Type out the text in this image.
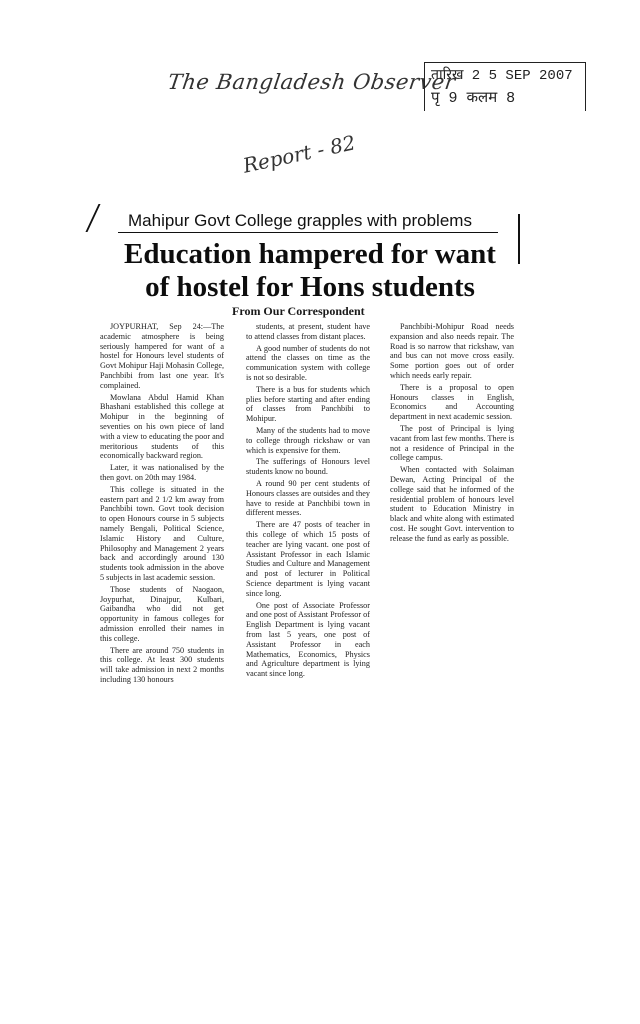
The Bangladesh Observer
तारिख 2 5 SEP 2007
पृ 9 कलम 8
Report - 82
Mahipur Govt College grapples with problems
Education hampered for want
of hostel for Hons students
From Our Correspondent

JOYPURHAT, Sep 24:—The academic atmosphere is being seriously hampered for want of a hostel for Honours level students of Govt Mohipur Haji Mohasin College, Panchbibi from last one year. It's complained.

Mowlana Abdul Hamid Khan Bhashani established this college at Mohipur in the beginning of seventies on his own piece of land with a view to educating the poor and meritorious students of this economically backward region.

Later, it was nationalised by the then govt. on 20th may 1984.

This college is situated in the eastern part and 2 1/2 km away from Panchbibi town. Govt took decision to open Honours course in 5 subjects namely Bengali, Political Science, Islamic History and Culture, Philosophy and Management 2 years back and accordingly around 130 students took admission in the above 5 subjects in last academic session.

Those students of Naogaon, Joypurhat, Dinajpur, Kulbari, Gaibandha who did not get opportunity in famous colleges for admission enrolled their names in this college.

There are around 750 students in this college. At least 300 students will take admission in next 2 months including 130 honours

students, at present, student have to attend classes from distant places.

A good number of students do not attend the classes on time as the communication system with college is not so desirable.

There is a bus for students which plies before starting and after ending of classes from Panchbibi to Mohipur.

Many of the students had to move to college through rickshaw or van which is expensive for them.

The sufferings of Honours level students know no bound.

A round 90 per cent students of Honours classes are outsides and they have to reside at Panchbibi town in different messes.

There are 47 posts of teacher in this college of which 15 posts of teacher are lying vacant. one post of Assistant Professor in each Islamic Studies and Culture and Management and post of lecturer in Political Science department is lying vacant since long.

One post of Associate Professor and one post of Assistant Professor of English Department is lying vacant from last 5 years, one post of Assistant Professor in each Mathematics, Economics, Physics and Agriculture department is lying vacant since long.

Panchbibi-Mohipur Road needs expansion and also needs repair. The Road is so narrow that rickshaw, van and bus can not move cross easily. Some portion goes out of order which needs early repair.

There is a proposal to open Honours classes in English, Economics and Accounting department in next academic session.

The post of Principal is lying vacant from last few months. There is not a residence of Principal in the college campus.

When contacted with Solaiman Dewan, Acting Principal of the college said that he informed of the residential problem of honours level student to Education Ministry in black and white along with estimated cost. He sought Govt. intervention to release the fund as early as possible.
